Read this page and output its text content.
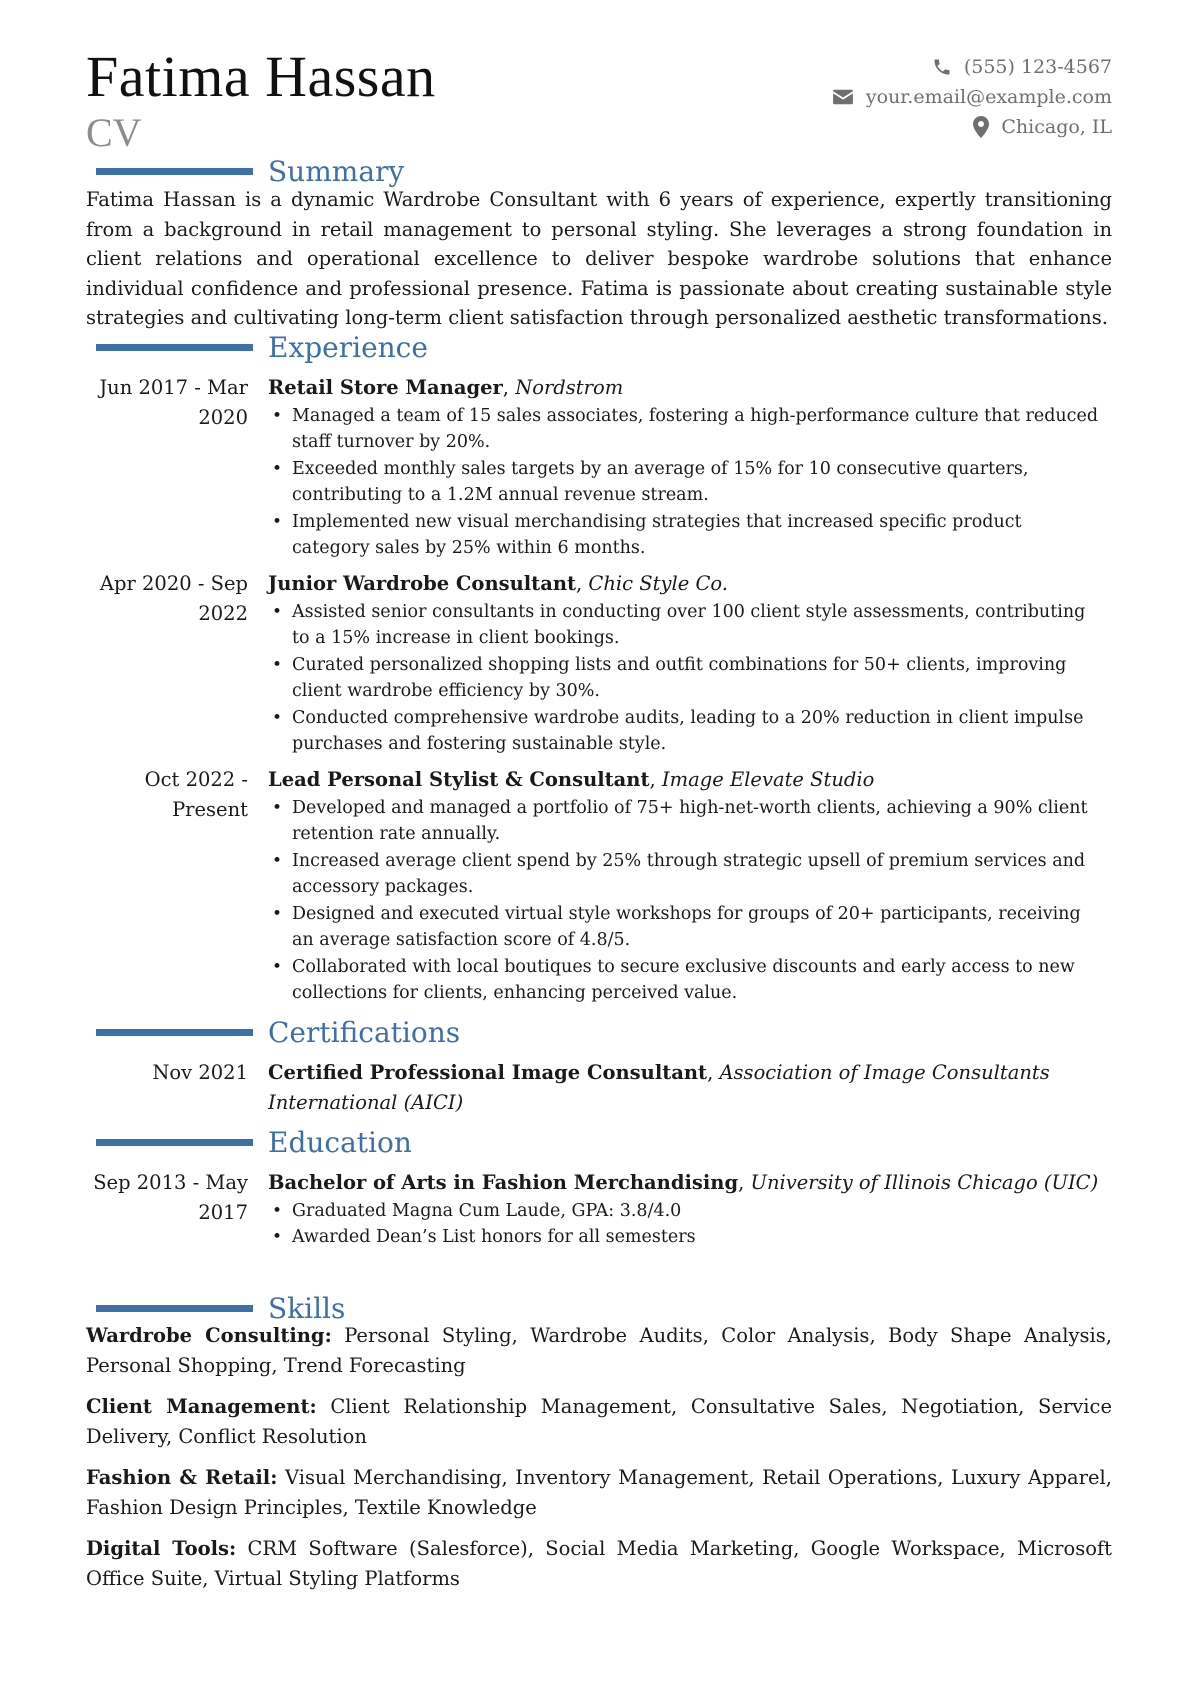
Fatima Hassan
CV
(555) 123-4567
your.email@example.com
Chicago, IL
Summary
Fatima Hassan is a dynamic Wardrobe Consultant with 6 years of experience, expertly transitioning from a background in retail management to personal styling. She leverages a strong foundation in client relations and operational excellence to deliver bespoke wardrobe solutions that enhance individual confidence and professional presence. Fatima is passionate about creating sustainable style strategies and cultivating long-term client satisfaction through personalized aesthetic transformations.
Experience
Jun 2017 - Mar 2020
Retail Store Manager, Nordstrom
• Managed a team of 15 sales associates, fostering a high-performance culture that reduced staff turnover by 20%.
• Exceeded monthly sales targets by an average of 15% for 10 consecutive quarters, contributing to a 1.2M annual revenue stream.
• Implemented new visual merchandising strategies that increased specific product category sales by 25% within 6 months.
Apr 2020 - Sep 2022
Junior Wardrobe Consultant, Chic Style Co.
• Assisted senior consultants in conducting over 100 client style assessments, contributing to a 15% increase in client bookings.
• Curated personalized shopping lists and outfit combinations for 50+ clients, improving client wardrobe efficiency by 30%.
• Conducted comprehensive wardrobe audits, leading to a 20% reduction in client impulse purchases and fostering sustainable style.
Oct 2022 - Present
Lead Personal Stylist & Consultant, Image Elevate Studio
• Developed and managed a portfolio of 75+ high-net-worth clients, achieving a 90% client retention rate annually.
• Increased average client spend by 25% through strategic upsell of premium services and accessory packages.
• Designed and executed virtual style workshops for groups of 20+ participants, receiving an average satisfaction score of 4.8/5.
• Collaborated with local boutiques to secure exclusive discounts and early access to new collections for clients, enhancing perceived value.
Certifications
Nov 2021 Certified Professional Image Consultant, Association of Image Consultants International (AICI)
Education
Sep 2013 - May 2017
Bachelor of Arts in Fashion Merchandising, University of Illinois Chicago (UIC)
• Graduated Magna Cum Laude, GPA: 3.8/4.0
• Awarded Dean’s List honors for all semesters
Skills
Wardrobe Consulting: Personal Styling, Wardrobe Audits, Color Analysis, Body Shape Analysis, Personal Shopping, Trend Forecasting
Client Management: Client Relationship Management, Consultative Sales, Negotiation, Service Delivery, Conflict Resolution
Fashion & Retail: Visual Merchandising, Inventory Management, Retail Operations, Luxury Apparel, Fashion Design Principles, Textile Knowledge
Digital Tools: CRM Software (Salesforce), Social Media Marketing, Google Workspace, Microsoft Office Suite, Virtual Styling Platforms
